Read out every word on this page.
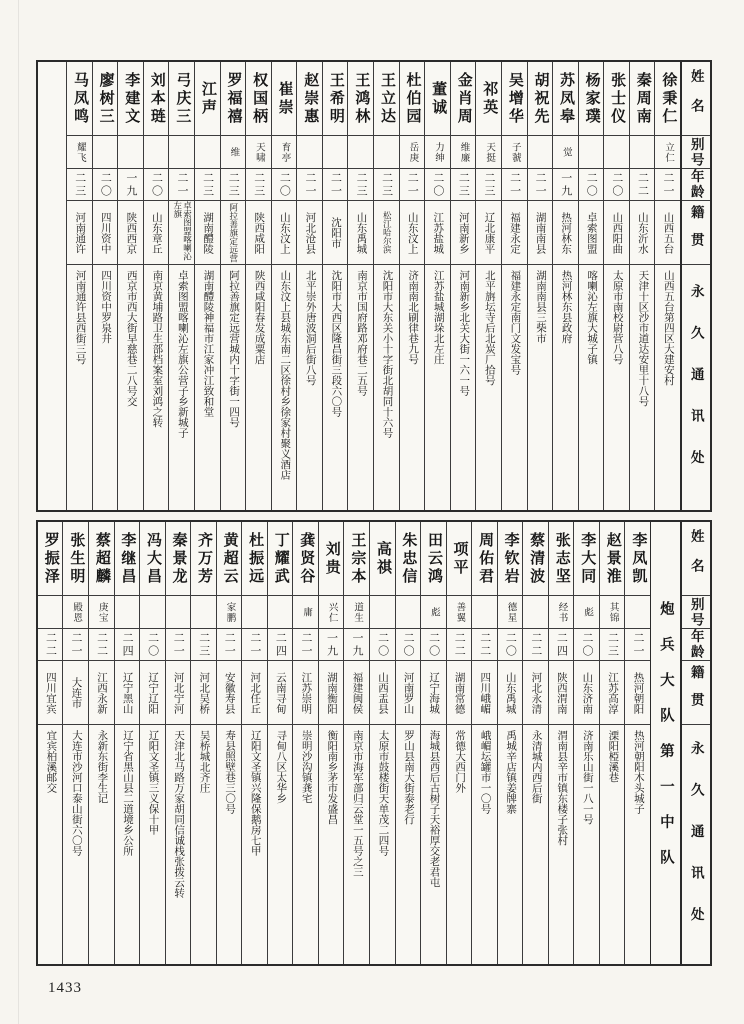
姓名
别号
年龄
籍贯
永久通讯处
徐秉仁
立仁
二一
山西五台
山西五台第四区大建安村
秦周南
二二
山东沂水
天津十区沙市道达安里十八号
张士仪
二〇
山西阳曲
太原市南校尉营八号
杨家璞
二〇
卓索图盟
喀喇沁左旗大城子镇
苏凤皋
觉
一九
热河林东
热河林东县政府
胡祝先
二一
湖南南县
湖南南县三柴市
吴增华
子虢
二一
福建永定
福建永定南门文发宝号
祁英
天挺
二三
辽北康平
北平旃坛寺后北炭厂拾号
金肖周
维廉
二三
河南新乡
河南新乡北关大街一六一号
董诚
力绅
二〇
江苏盐城
江苏盐城湖垛北左庄
杜伯园
岳庚
二一
山东汶上
济南南北刷律巷九号
王立达
二三
松江哈尔滨
沈阳市大东关小十字街北胡同十六号
王鸿林
二三
山东禹城
南京市国府路邓府巷二五号
王希明
二一
沈阳市
沈阳市大西区隆昌街三段六〇号
赵崇惠
二一
河北沧县
北平崇外唐波洞后街八号
崔崇
育亭
二〇
山东汶上
山东汶上县城东南二区徐村乡徐家村聚义酒店
权国柄
天啸
二三
陕西咸阳
陕西咸阳春发成粟店
罗福禧
维
二三
阿拉善旗定远营
阿拉善旗定远营城内十字街一四号
江声
二三
湖南醴陵
湖南醴陵神福市江家冲江致和堂
弓庆三
二一
卓索图盟喀喇沁左旗
卓索图盟喀喇沁左旗公营子乡新城子
刘本琏
二〇
山东章丘
南京黄埔路卫生部档案室刘鸿之转
李建文
一九
陕西西京
西京市西大街早慈巷二八号交
廖树三
二〇
四川资中
四川资中罗泉井
马凤鸣
耀飞
二三
河南通许
河南通许县西街三号
姓名
别号
年龄
籍贯
永久通讯处
炮兵大队第一中队
李凤凯
二一
热河朝阳
热河朝阳木头城子
赵景淮
其锦
二三
江苏高淳
溧阳椏溪巷
李大同
彪
二〇
山东济南
济南乐山街一八一号
张志坚
经书
二四
陕西渭南
渭南县辛市镇东楼子张村
蔡清波
二二
河北永清
永清城内西后街
李钦岩
德星
二〇
山东禹城
禹城辛店镇姜牌寨
周佑君
二二
四川峨嵋
峨嵋坛罐市一〇号
项平
善翼
二二
湖南常德
常德大西门外
田云鸿
彪
二〇
辽宁海城
海城县西后古树子天裕厚交老君屯
朱忠信
二〇
河南罗山
罗山县南大街泰老行
高祺
二〇
山西盂县
太原市鼓楼街天单茂二四号
王宗本
道生
一九
福建闽侯
南京市海军部归云堂一五号之三
刘贵
兴仁
一九
湖南衡阳
衡阳南乡茅市发盛昌
龚贤谷
庸
二一
江苏崇明
崇明沙沟镇龚宅
丁耀武
二四
云南寻甸
寻甸八区太华乡
杜振远
二一
河北任丘
辽阳文圣镇兴隆保鹅房七甲
黄超云
家鹏
二一
安徽寿县
寿县照壁巷三〇号
齐万芳
二三
河北吴桥
吴桥城北齐庄
秦景龙
二一
河北宁河
天津北马路万家胡同信诚栈张拨云转
冯大昌
二〇
辽宁辽阳
辽阳文圣镇三义保十甲
李继昌
二四
辽宁黑山
辽宁省黑山县二道境乡公所
蔡超麟
庚宝
二二
江西永新
永新东街李生记
张生明
殿恩
二一
大连市
大连市沙河口泰山街六〇号
罗振泽
二二
四川宜宾
宜宾柏溪邮交
1433
